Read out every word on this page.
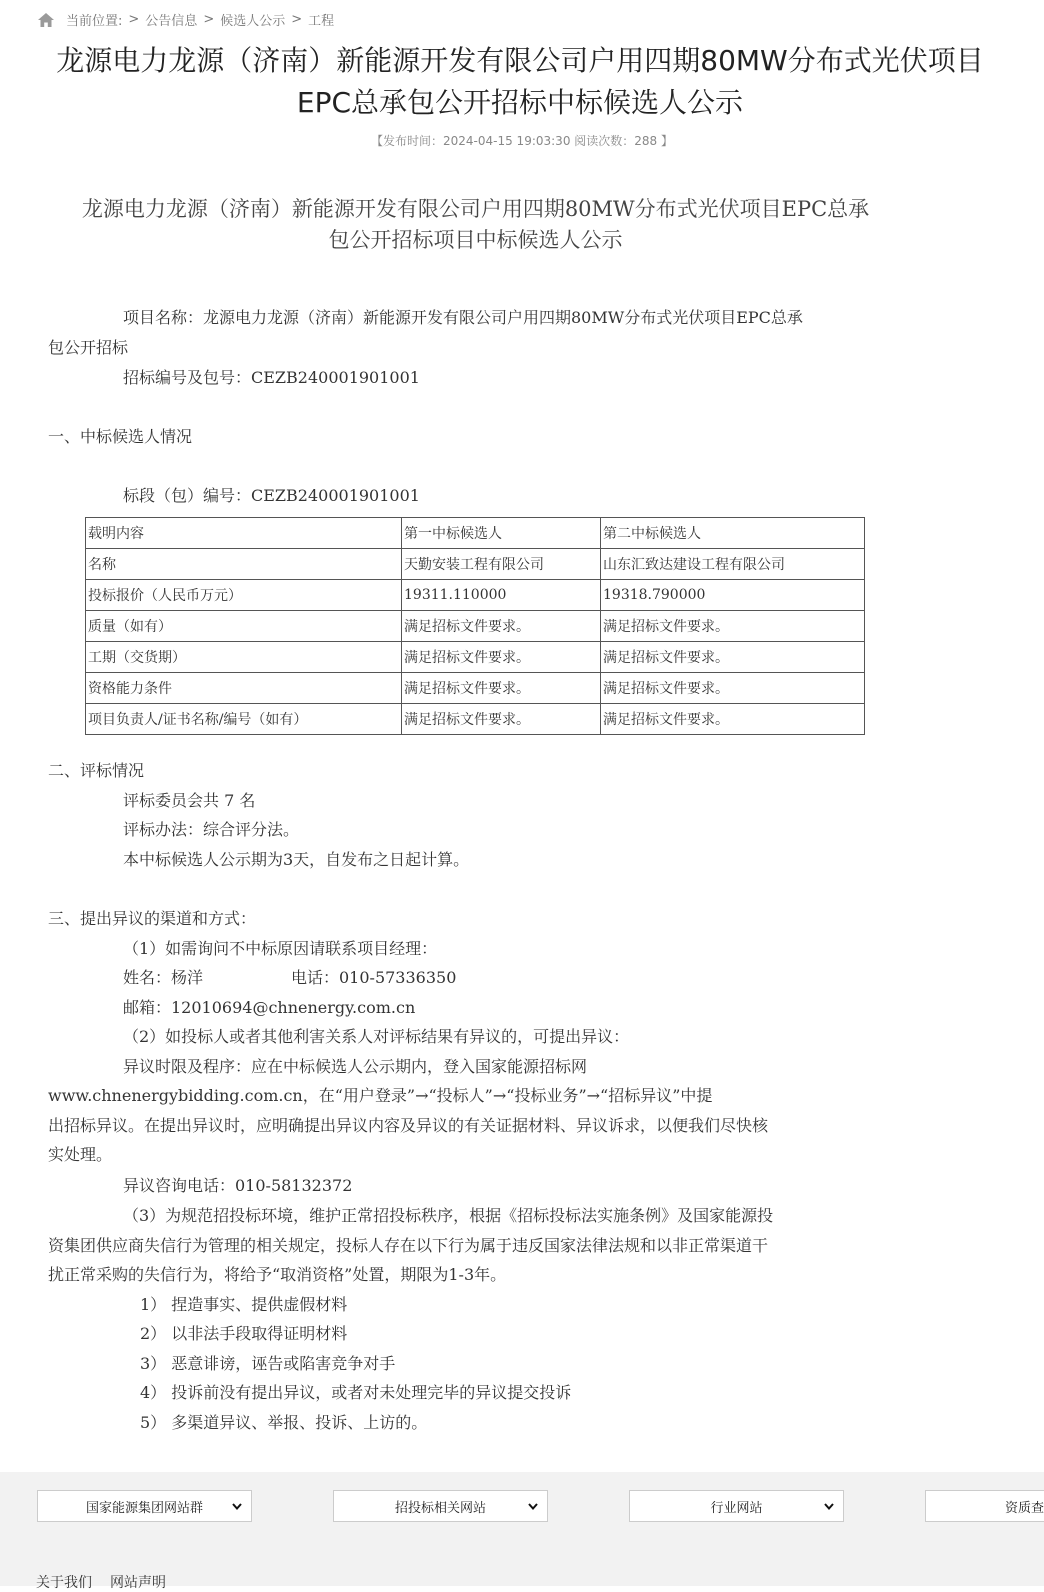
当前位置: > 公告信息 > 候选人公示 > 工程
龙源电力龙源（济南）新能源开发有限公司户用四期80MW分布式光伏项目
EPC总承包公开招标中标候选人公示
【发布时间：2024-04-15 19:03:30 阅读次数：288 】
龙源电力龙源（济南）新能源开发有限公司户用四期80MW分布式光伏项目EPC总承
包公开招标项目中标候选人公示
项目名称：龙源电力龙源（济南）新能源开发有限公司户用四期80MW分布式光伏项目EPC总承
包公开招标
招标编号及包号：CEZB240001901001
一、中标候选人情况
标段（包）编号：CEZB240001901001
载明内容	第一中标候选人	第二中标候选人
名称	天勤安装工程有限公司	山东汇致达建设工程有限公司
投标报价（人民币万元）	19311.110000	19318.790000
质量（如有）	满足招标文件要求。	满足招标文件要求。
工期（交货期）	满足招标文件要求。	满足招标文件要求。
资格能力条件	满足招标文件要求。	满足招标文件要求。
项目负责人/证书名称/编号（如有）	满足招标文件要求。	满足招标文件要求。
二、评标情况
评标委员会共 7 名
评标办法：综合评分法。
本中标候选人公示期为3天，自发布之日起计算。
三、提出异议的渠道和方式：
（1）如需询问不中标原因请联系项目经理：
姓名：杨洋	电话：010-57336350
邮箱：12010694@chnenergy.com.cn
（2）如投标人或者其他利害关系人对评标结果有异议的，可提出异议：
异议时限及程序：应在中标候选人公示期内，登入国家能源招标网
www.chnenergybidding.com.cn，在“用户登录”→“投标人”→“投标业务”→“招标异议”中提
出招标异议。在提出异议时，应明确提出异议内容及异议的有关证据材料、异议诉求，以便我们尽快核
实处理。
异议咨询电话：010-58132372
（3）为规范招投标环境，维护正常招投标秩序，根据《招标投标法实施条例》及国家能源投
资集团供应商失信行为管理的相关规定，投标人存在以下行为属于违反国家法律法规和以非正常渠道干
扰正常采购的失信行为，将给予“取消资格”处置，期限为1-3年。
1） 捏造事实、提供虚假材料
2） 以非法手段取得证明材料
3） 恶意诽谤，诬告或陷害竞争对手
4） 投诉前没有提出异议，或者对未处理完毕的异议提交投诉
5） 多渠道异议、举报、投诉、上访的。
国家能源集团网站群	招投标相关网站	行业网站	资质查
关于我们 网站声明
